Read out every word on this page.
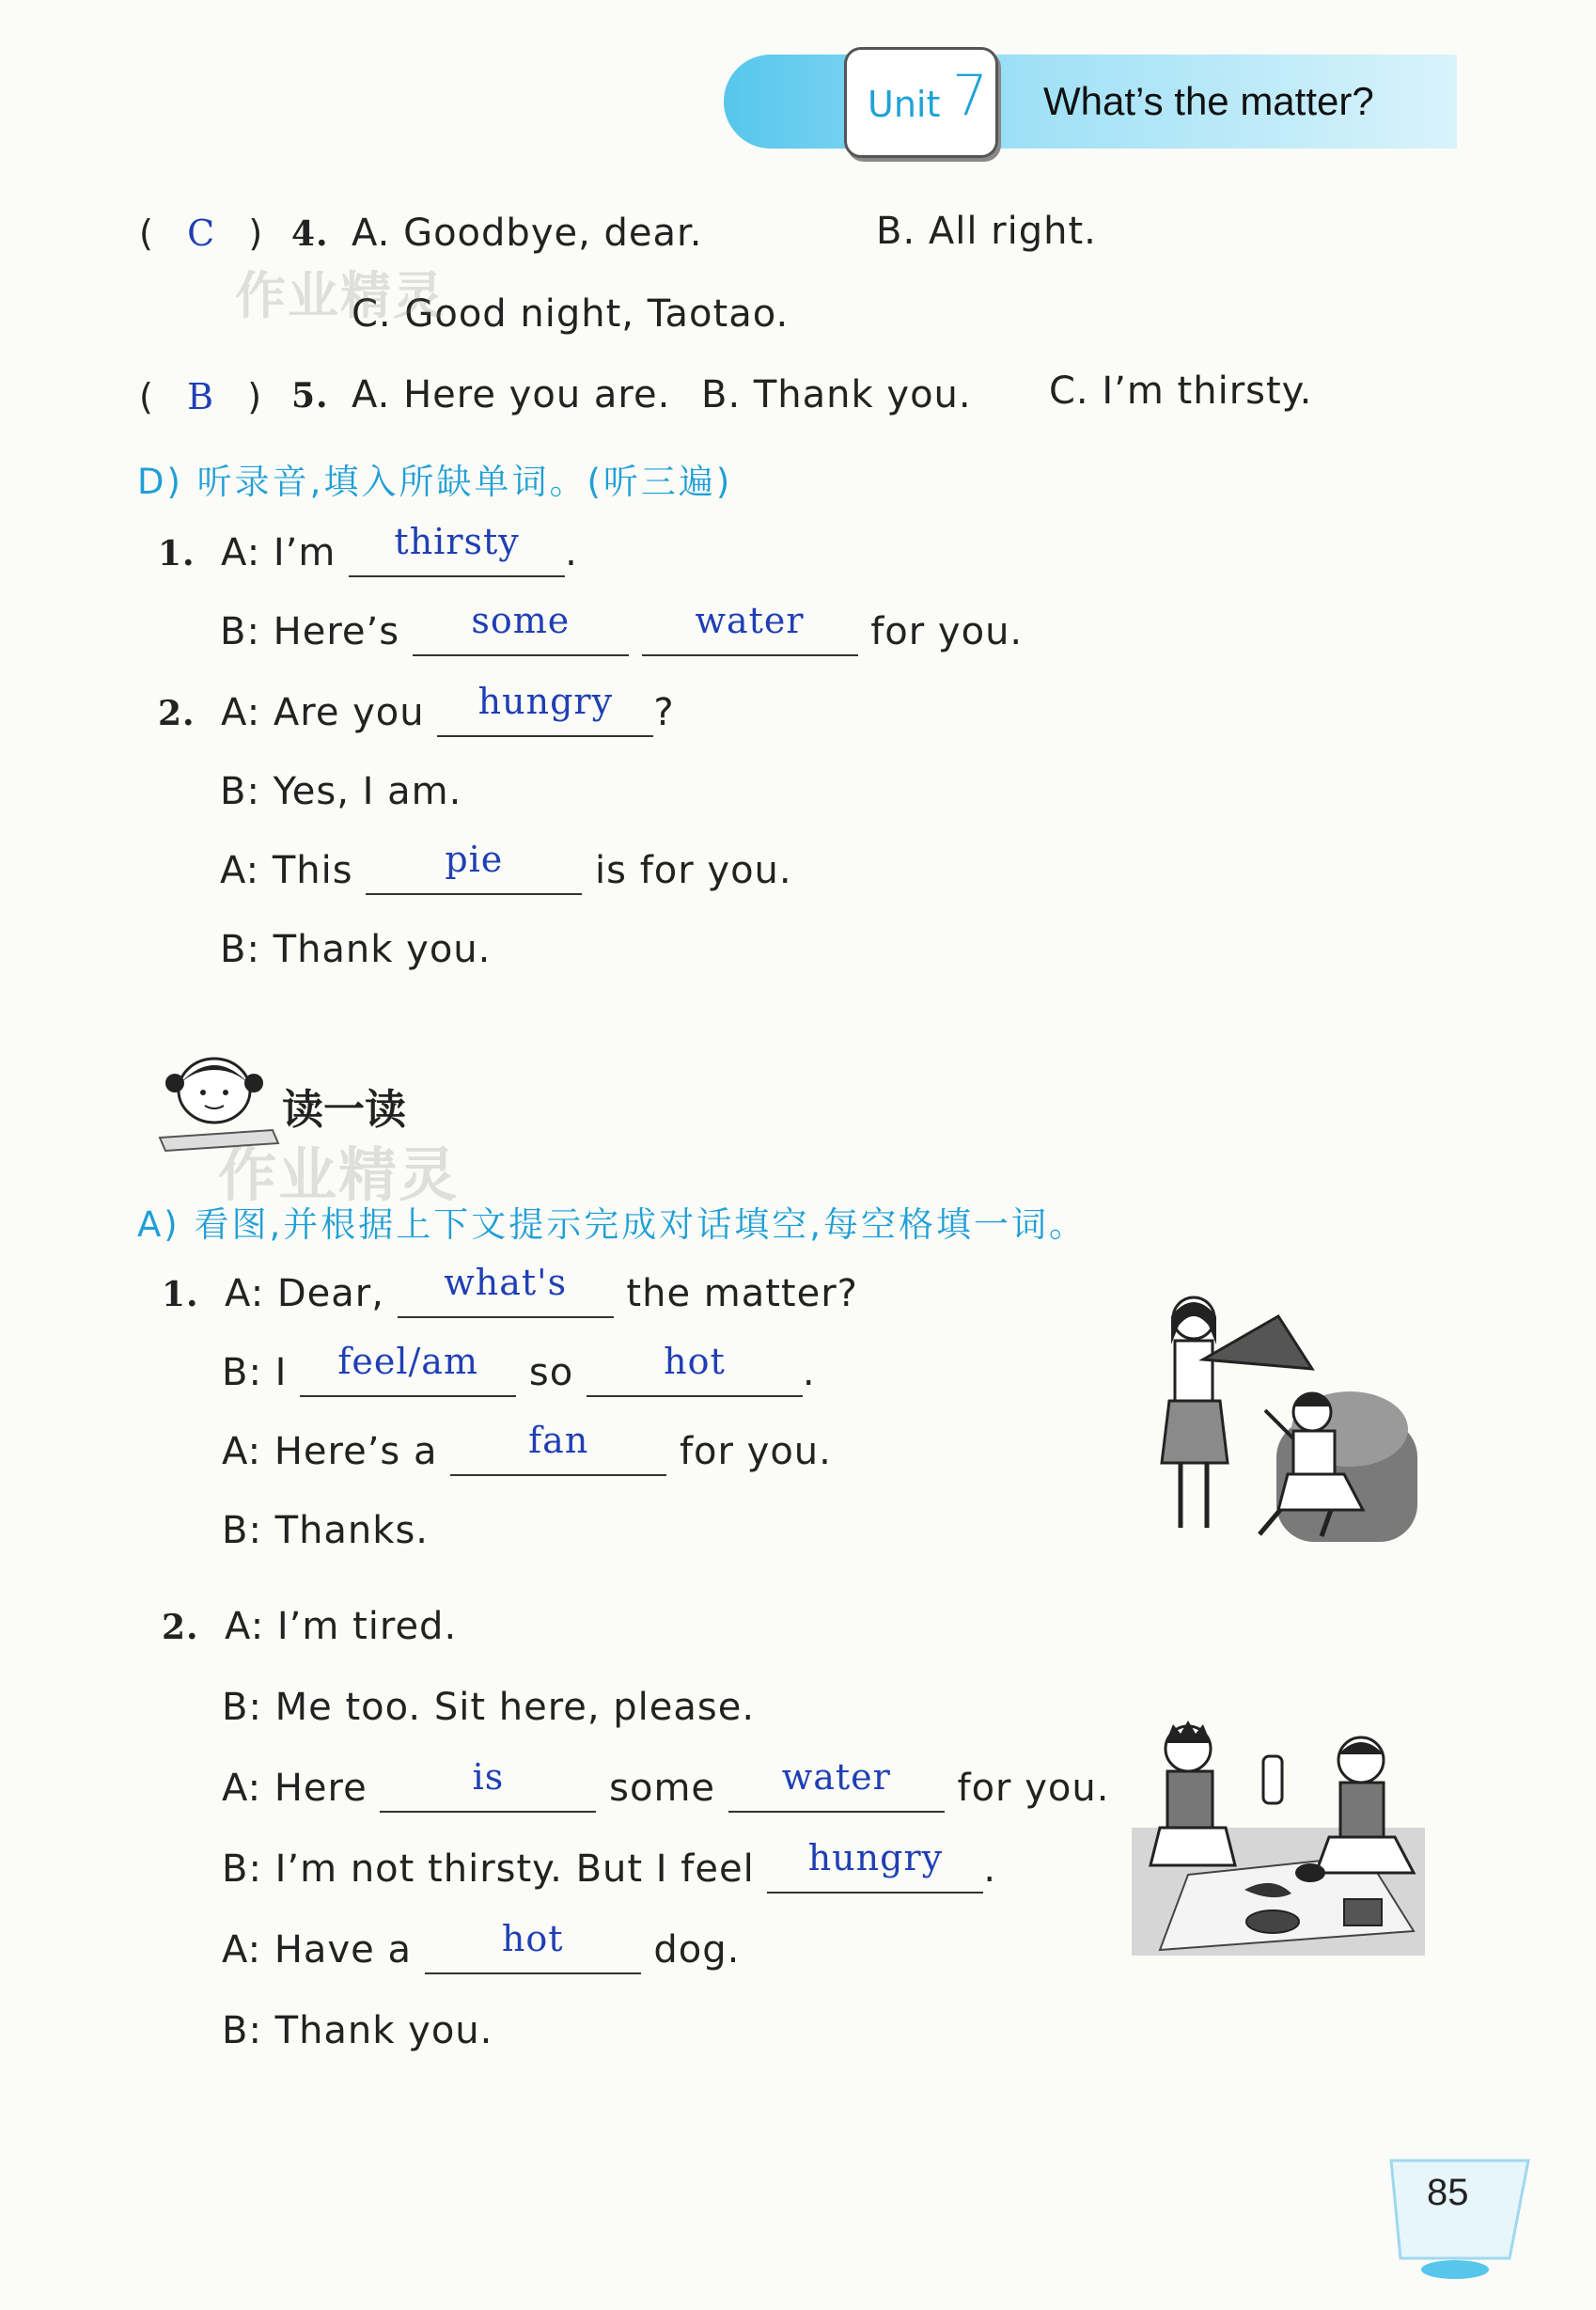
Unit 7 What’s the matter?
(   C   ) 4. A. Goodbye, dear.	B. All right.
C. Good night, Taotao.
作业精灵
(   B   ) 5. A. Here you are. B. Thank you. C. I’m thirsty.
D) 听录音,填入所缺单词。(听三遍)
1. A: I’m thirsty .
B: Here’s some	water for you.
2. A: Are you hungry ?
B: Yes, I am.
A: This	pie is for you.
B: Thank you.
读一读
作业精灵
A) 看图,并根据上下文提示完成对话填空,每空格填一词。
1. A: Dear, what's the matter?
B: I feel/am so	hot .
A: Here’s a	fan for you.
B: Thanks.
2. A: I’m tired.
B: Me too. Sit here, please.
A: Here	is	some water for you.
B: I’m not thirsty. But I feel hungry .
A: Have a	hot dog.
B: Thank you.
85
